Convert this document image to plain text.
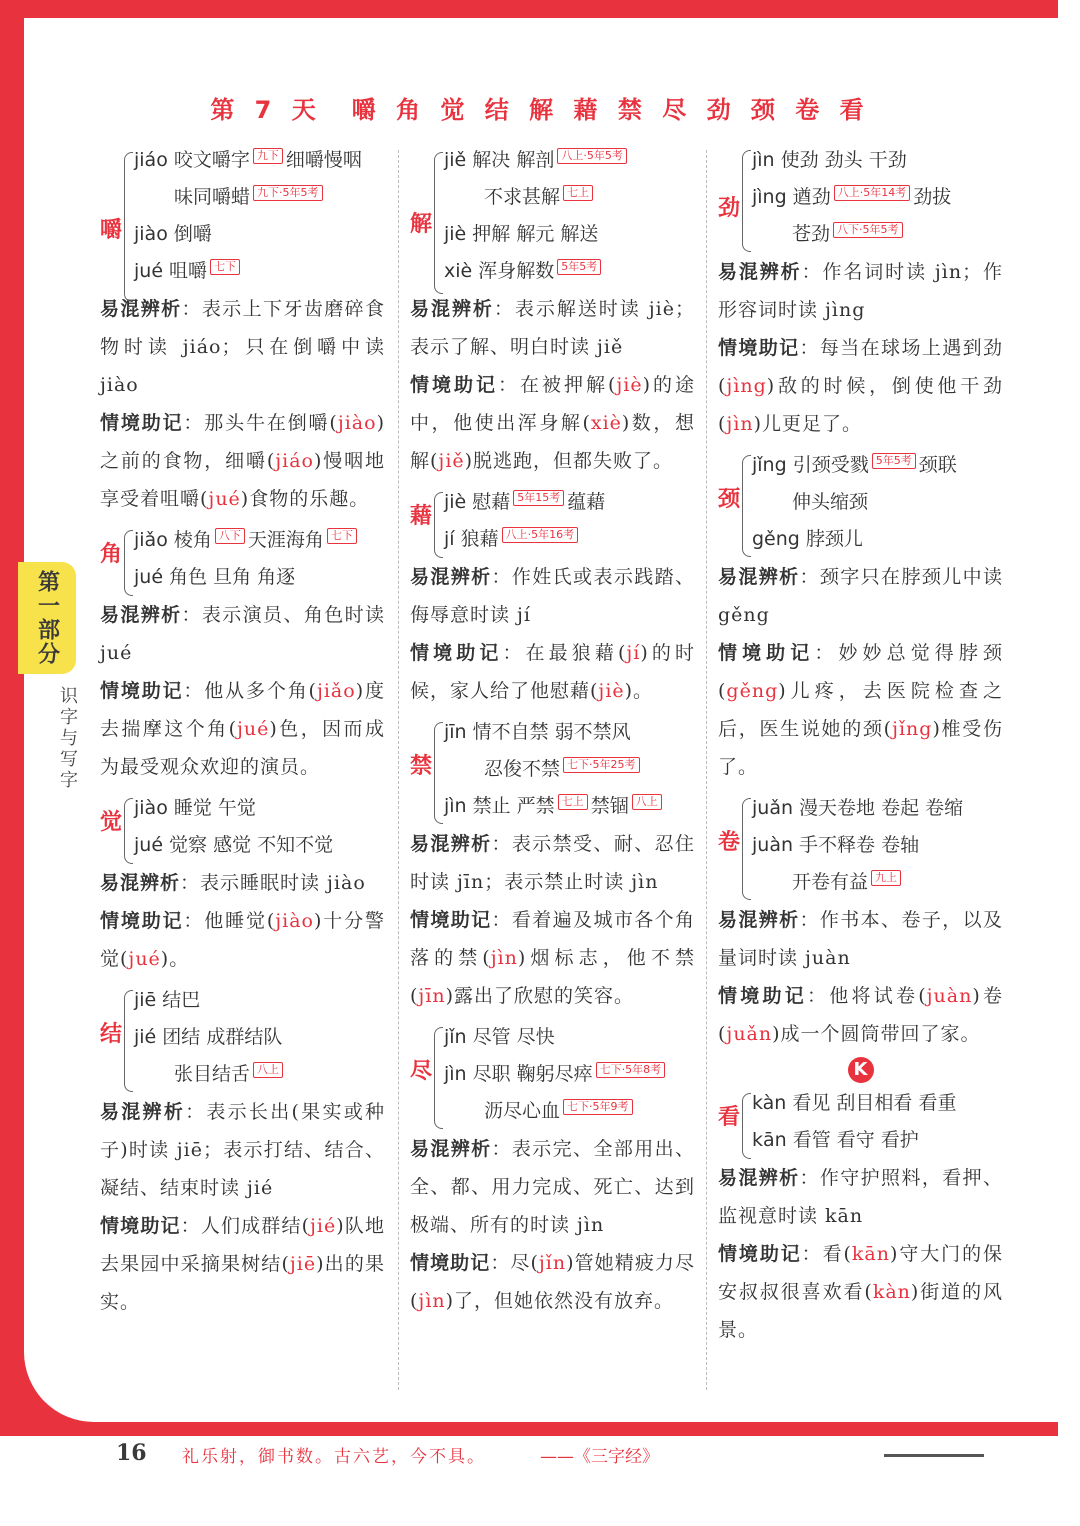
第一部分
识字与写字
第 7 天　嚼 角 觉 结 解 藉 禁 尽 劲 颈 卷 看
嚼
jiáo 咬文嚼字 九下 细嚼慢咽
味同嚼蜡 九下·5年5考
jiào 倒嚼
jué 咀嚼 七下
易混辨析：表示上下牙齿磨碎食物时读 jiáo；只在倒嚼中读 jiào
情境助记：那头牛在倒嚼(jiào)之前的食物，细嚼(jiáo)慢咽地享受着咀嚼(jué)食物的乐趣。
角
jiǎo 棱角 八下 天涯海角 七下
jué 角色 旦角 角逐
易混辨析：表示演员、角色时读 jué
情境助记：他从多个角(jiǎo)度去揣摩这个角(jué)色，因而成为最受观众欢迎的演员。
觉
jiào 睡觉 午觉
jué 觉察 感觉 不知不觉
易混辨析：表示睡眠时读 jiào
情境助记：他睡觉(jiào)十分警觉(jué)。
结
jiē 结巴
jié 团结 成群结队
张目结舌 八上
易混辨析：表示长出(果实或种子)时读 jiē；表示打结、结合、凝结、结束时读 jié
情境助记：人们成群结(jié)队地去果园中采摘果树结(jiē)出的果实。
解
jiě 解决 解剖 八上·5年5考
不求甚解 七上
jiè 押解 解元 解送
xiè 浑身解数 5年5考
易混辨析：表示解送时读 jiè；表示了解、明白时读 jiě
情境助记：在被押解(jiè)的途中，他使出浑身解(xiè)数，想解(jiě)脱逃跑，但都失败了。
藉
jiè 慰藉 5年15考 蕴藉
jí 狼藉 八上·5年16考
易混辨析：作姓氏或表示践踏、侮辱意时读 jí
情境助记：在最狼藉(jí)的时候，家人给了他慰藉(jiè)。
禁
jīn 情不自禁 弱不禁风
忍俊不禁 七下·5年25考
jìn 禁止 严禁 七上 禁锢 八上
易混辨析：表示禁受、耐、忍住时读 jīn；表示禁止时读 jìn
情境助记：看着遍及城市各个角落的禁(jìn)烟标志，他不禁(jīn)露出了欣慰的笑容。
尽
jǐn 尽管 尽快
jìn 尽职 鞠躬尽瘁 七下·5年8考
沥尽心血 七下·5年9考
易混辨析：表示完、全部用出、全、都、用力完成、死亡、达到极端、所有的时读 jìn
情境助记：尽(jǐn)管她精疲力尽(jìn)了，但她依然没有放弃。
劲
jìn 使劲 劲头 干劲
jìng 遒劲 八上·5年14考 劲拔
苍劲 八下·5年5考
易混辨析：作名词时读 jìn；作形容词时读 jìng
情境助记：每当在球场上遇到劲(jìng)敌的时候，倒使他干劲(jìn)儿更足了。
颈
jǐng 引颈受戮 5年5考 颈联
伸头缩颈
gěng 脖颈儿
易混辨析：颈字只在脖颈儿中读 gěng
情境助记：妙妙总觉得脖颈(gěng)儿疼，去医院检查之后，医生说她的颈(jǐng)椎受伤了。
卷
juǎn 漫天卷地 卷起 卷缩
juàn 手不释卷 卷轴
开卷有益 九上
易混辨析：作书本、卷子，以及量词时读 juàn
情境助记：他将试卷(juàn)卷(juǎn)成一个圆筒带回了家。
K
看
kàn 看见 刮目相看 看重
kān 看管 看守 看护
易混辨析：作守护照料，看押、监视意时读 kān
情境助记：看(kān)守大门的保安叔叔很喜欢看(kàn)街道的风景。
16 礼乐射，御书数。古六艺，今不具。	——《三字经》
